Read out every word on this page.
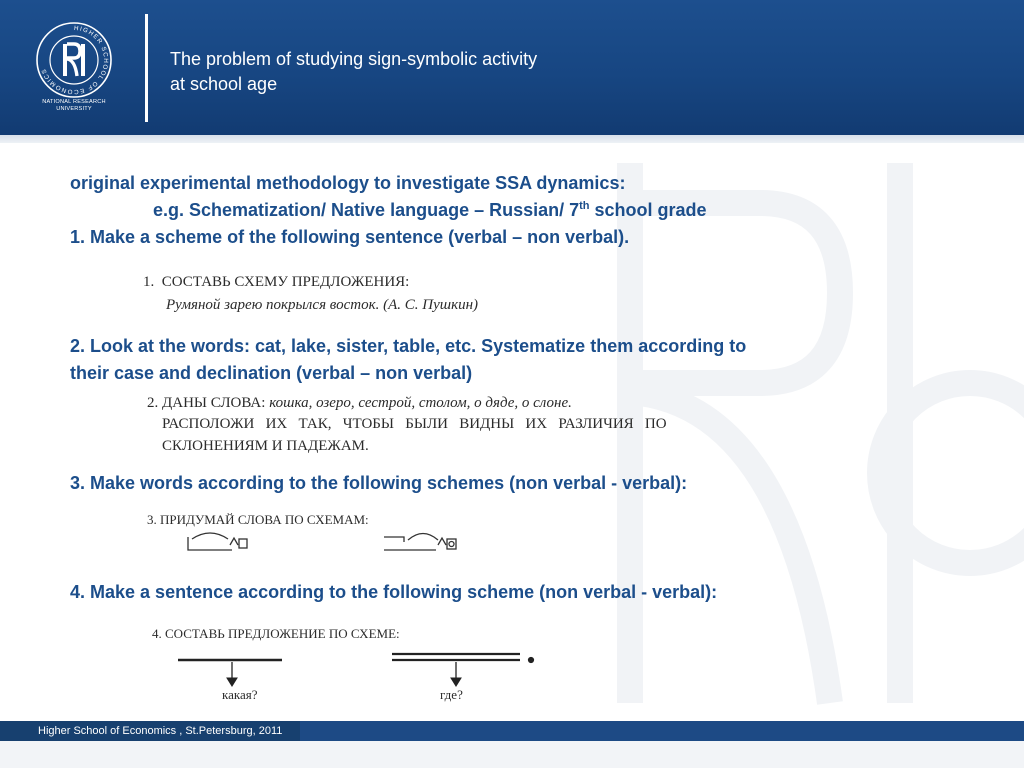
HIGHER SCHOOL OF ECONOMICS
NATIONAL RESEARCH
UNIVERSITY
The problem of studying sign-symbolic activity
at school age
original experimental methodology to investigate SSA dynamics:
e.g. Schematization/ Native language – Russian/ 7th school grade
1. Make a scheme of the following sentence (verbal – non verbal).
1. СОСТАВЬ СХЕМУ ПРЕДЛОЖЕНИЯ:
Румяной зарею покрылся восток. (А. С. Пушкин)
2. Look at the words: cat, lake, sister, table, etc. Systematize them according to
their case and declination (verbal – non verbal)
2. ДАНЫ СЛОВА: кошка, озеро, сестрой, столом, о дяде, о слоне.
РАСПОЛОЖИ   ИХ   ТАК,   ЧТОБЫ   БЫЛИ   ВИДНЫ   ИХ   РАЗЛИЧИЯ   ПО
СКЛОНЕНИЯМ И ПАДЕЖАМ.
3. Make words according to the following schemes (non verbal - verbal):
3. ПРИДУМАЙ СЛОВА ПО СХЕМАМ:
4. Make a sentence according to the following scheme (non verbal - verbal):
4. СОСТАВЬ ПРЕДЛОЖЕНИЕ ПО СХЕМЕ:
какая?	где?
Higher School of Economics , St.Petersburg, 2011
